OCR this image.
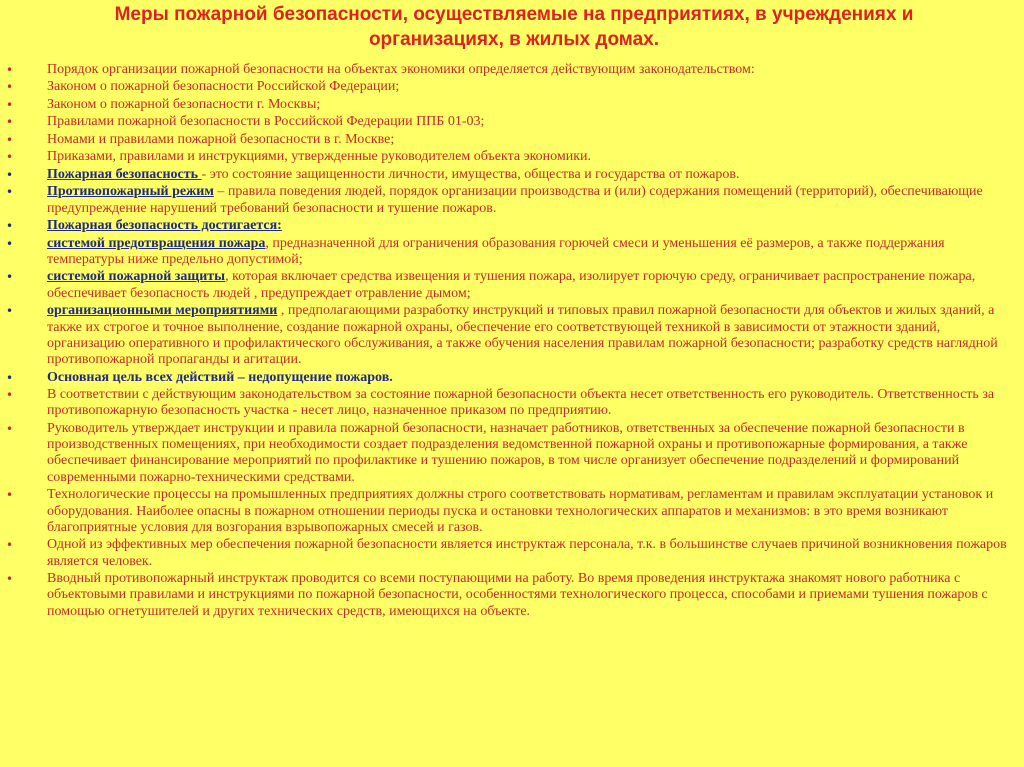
Меры пожарной безопасности, осуществляемые на предприятиях, в учреждениях и
организациях, в жилых домах.
• Порядок организации пожарной безопасности на объектах экономики определяется действующим законодательством:
• Законом о пожарной безопасности Российской Федерации;
• Законом о пожарной безопасности г. Москвы;
• Правилами пожарной безопасности в Российской Федерации ППБ 01-03;
• Номами и правилами пожарной безопасности в г. Москве;
• Приказами, правилами и инструкциями, утвержденные руководителем объекта экономики.
• Пожарная безопасность - это состояние защищенности личности, имущества, общества и государства от пожаров.
• Противопожарный режим – правила поведения людей, порядок организации производства и (или) содержания помещений (территорий), обеспечивающие предупреждение нарушений требований безопасности и тушение пожаров.
• Пожарная безопасность достигается:
• системой предотвращения пожара, предназначенной для ограничения образования горючей смеси и уменьшения её размеров, а также поддержания температуры ниже предельно допустимой;
• системой пожарной защиты, которая включает средства извещения и тушения пожара, изолирует горючую среду, ограничивает распространение пожара, обеспечивает безопасность людей , предупреждает отравление дымом;
• организационными мероприятиями , предполагающими разработку инструкций и типовых правил пожарной безопасности для объектов и жилых зданий, а также их строгое и точное выполнение, создание пожарной охраны, обеспечение его соответствующей техникой в зависимости от этажности зданий, организацию оперативного и профилактического обслуживания, а также обучения населения правилам пожарной безопасности; разработку средств наглядной противопожарной пропаганды и агитации.
• Основная цель всех действий – недопущение пожаров.
• В соответствии с действующим законодательством за состояние пожарной безопасности объекта несет ответственность его руководитель. Ответственность за противопожарную безопасность участка - несет лицо, назначенное приказом по предприятию.
• Руководитель утверждает инструкции и правила пожарной безопасности, назначает работников, ответственных за обеспечение пожарной безопасности в производственных помещениях, при необходимости создает подразделения ведомственной пожарной охраны и противопожарные формирования, а также обеспечивает финансирование мероприятий по профилактике и тушению пожаров, в том числе организует обеспечение подразделений и формирований современными пожарно-техническими средствами.
• Технологические процессы на промышленных предприятиях должны строго соответствовать нормативам, регламентам и правилам эксплуатации установок и оборудования. Наиболее опасны в пожарном отношении периоды пуска и остановки технологических аппаратов и механизмов: в это время возникают благоприятные условия для возгорания взрывопожарных смесей и газов.
• Одной из эффективных мер обеспечения пожарной безопасности является инструктаж персонала, т.к. в большинстве случаев причиной возникновения пожаров является человек.
• Вводный противопожарный инструктаж проводится со всеми поступающими на работу. Во время проведения инструктажа знакомят нового работника с объектовыми правилами и инструкциями по пожарной безопасности, особенностями технологического процесса, способами и приемами тушения пожаров с помощью огнетушителей и других технических средств, имеющихся на объекте.
